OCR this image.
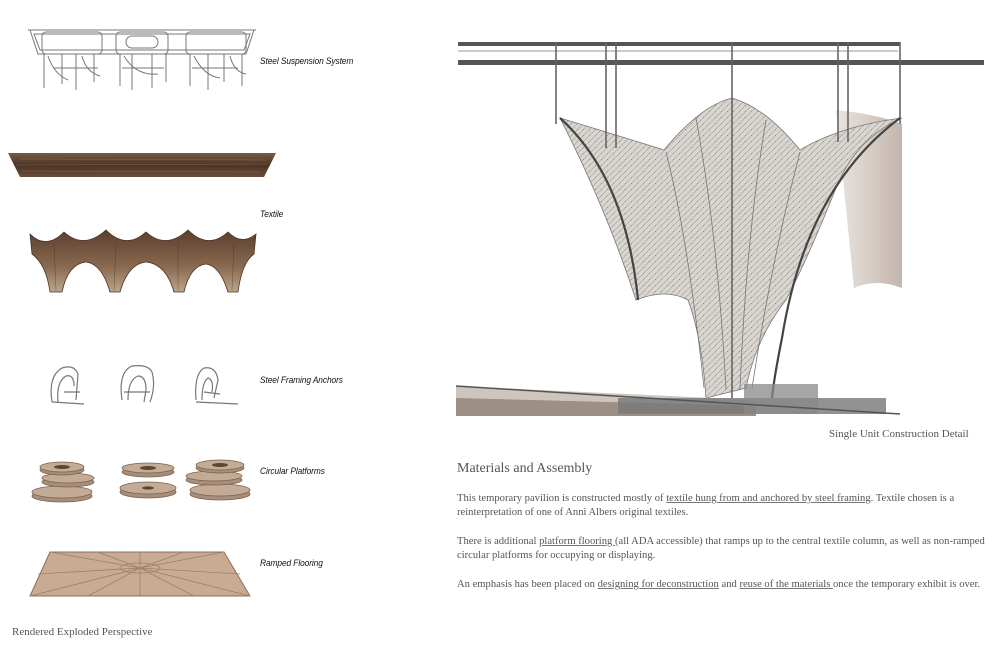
Steel Suspension System
Textile
Steel Framing Anchors
Circular Platforms
Ramped Flooring
Rendered Exploded Perspective
Single Unit Construction Detail
Materials and Assembly

This temporary pavilion is constructed mostly of textile hung from and anchored by steel framing. Textile chosen is a reinterpretation of one of Anni Albers original textiles.

There is additional platform flooring (all ADA accessible) that ramps up to the central textile column, as well as non-ramped circular platforms for occupying or displaying.

An emphasis has been placed on designing for deconstruction and reuse of the materials once the temporary exhibit is over.
